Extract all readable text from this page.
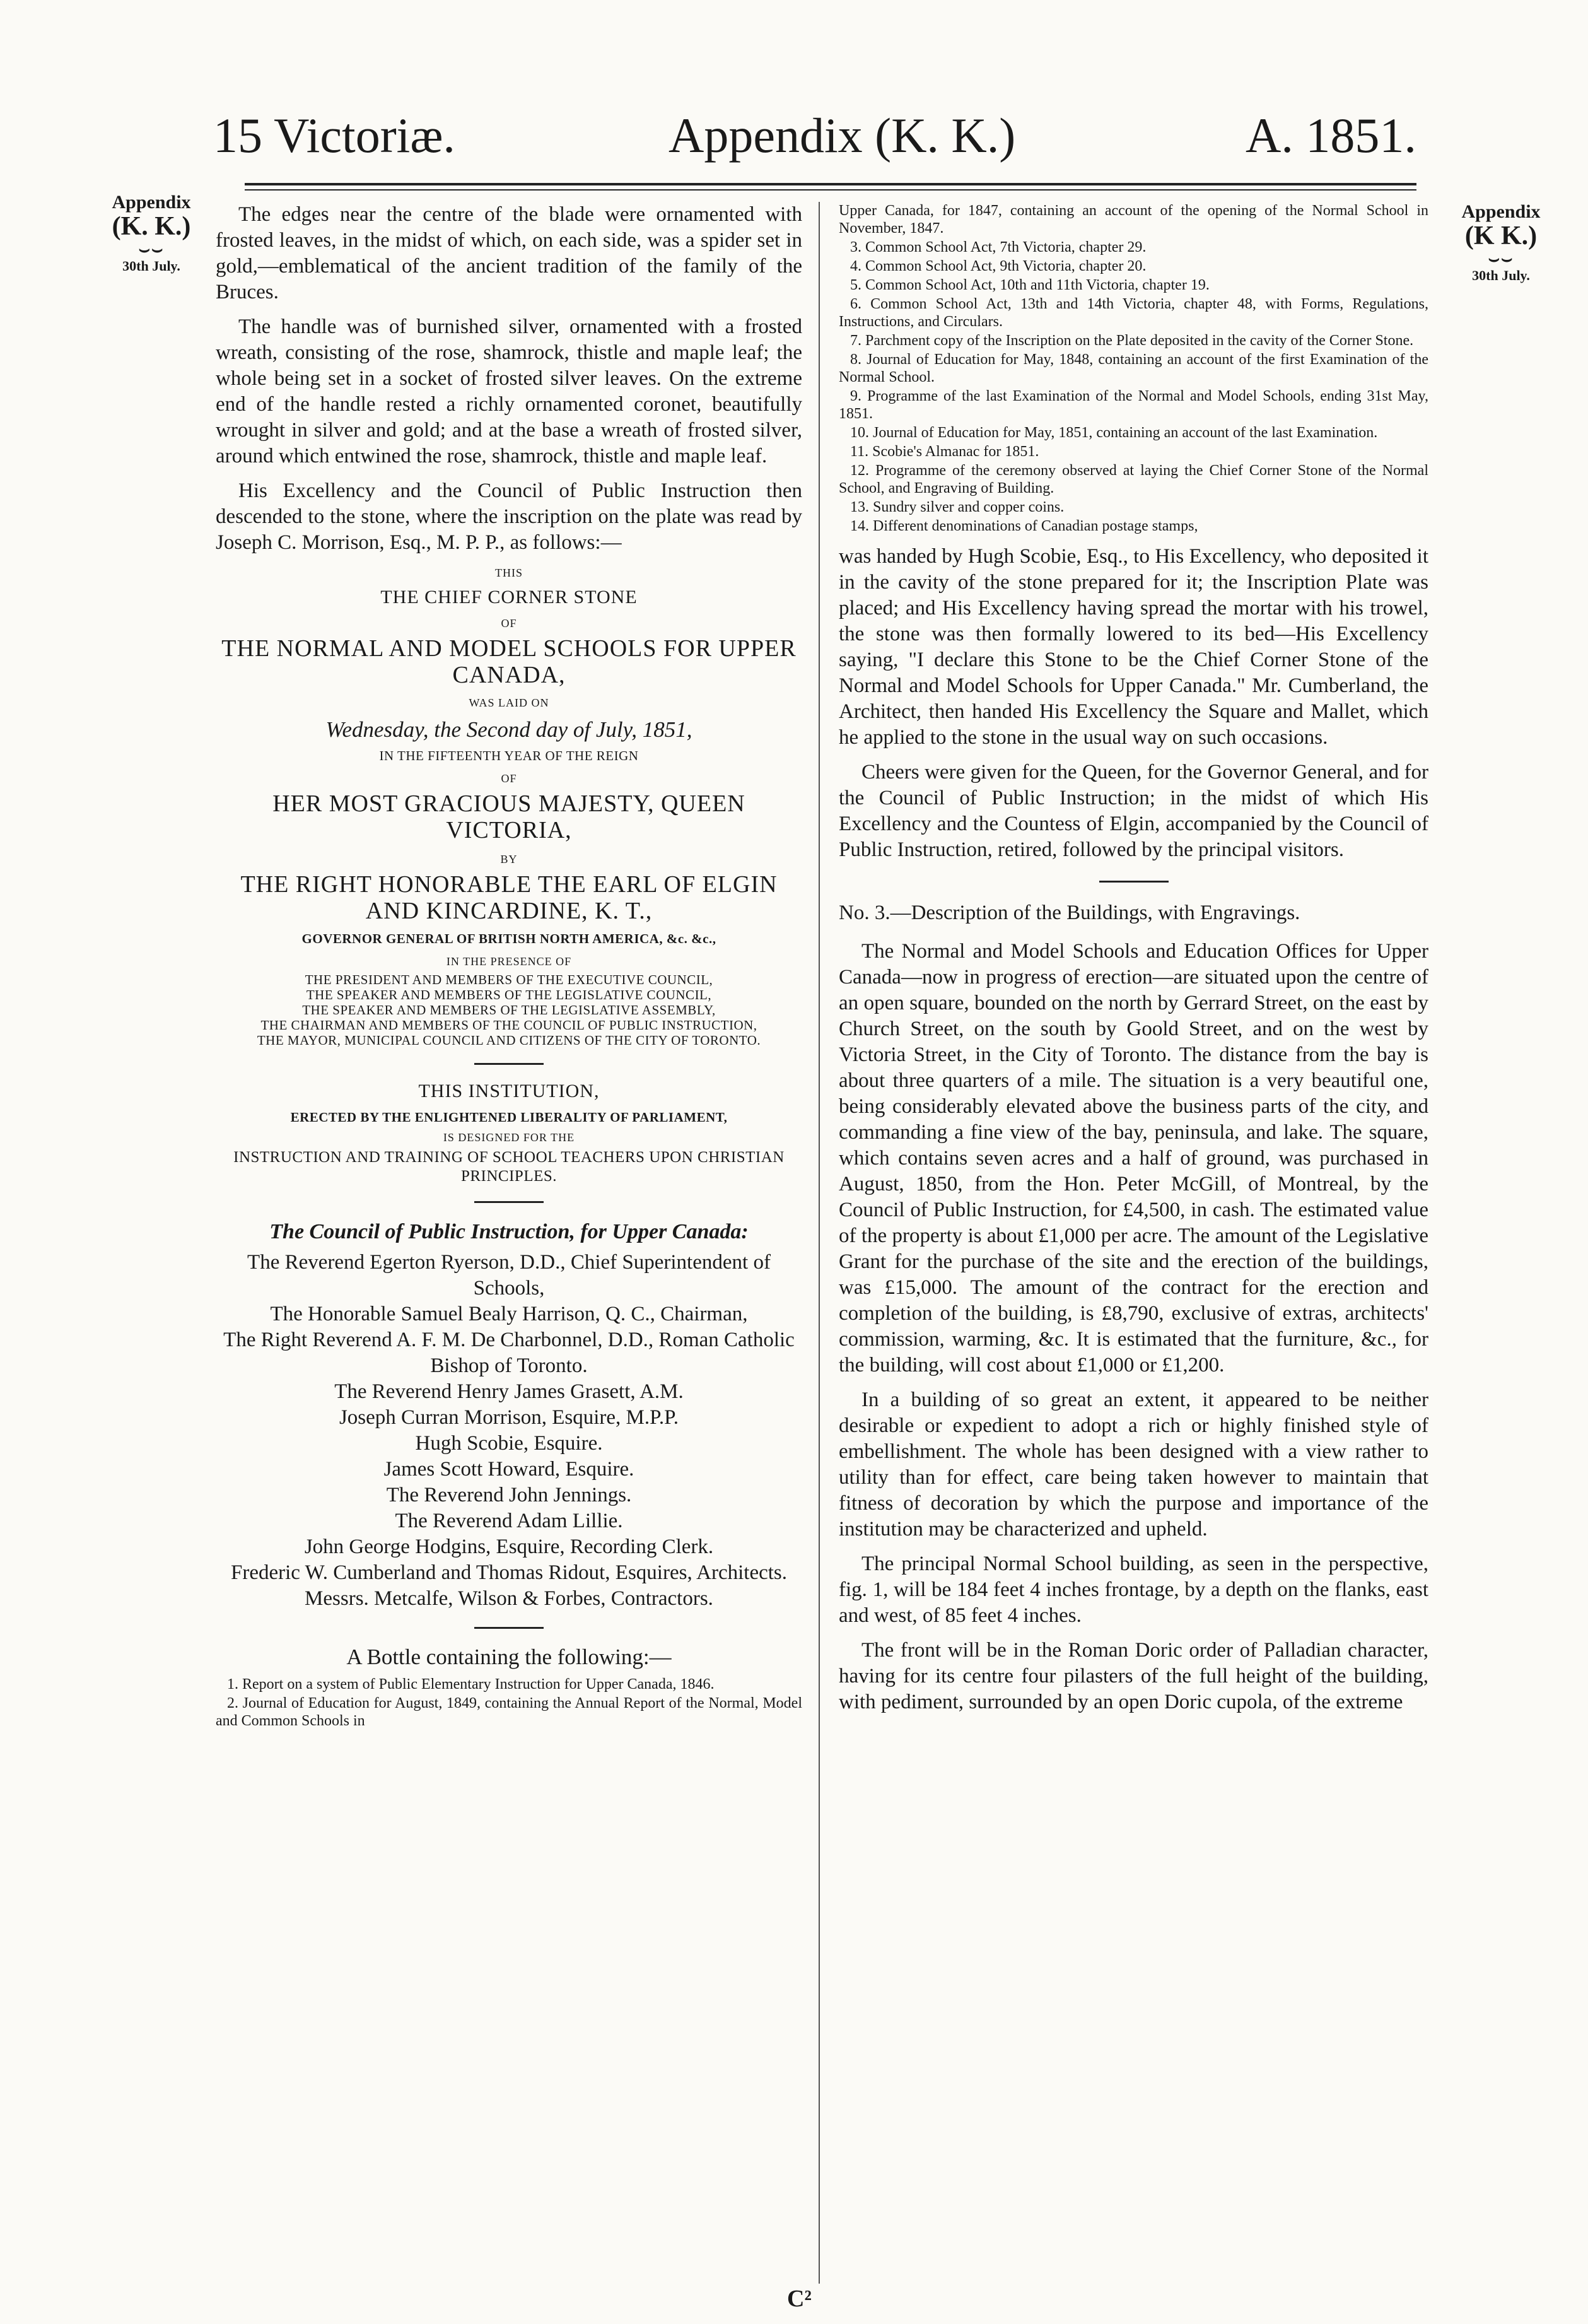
15 Victoriæ.	Appendix (K. K.)	A. 1851.
Appendix
(K. K.)
⌣⌣
30th July.
Appendix
(K K.)
⌣⌣
30th July.

The edges near the centre of the blade were ornamented with frosted leaves, in the midst of which, on each side, was a spider set in gold,—emblematical of the ancient tradition of the family of the Bruces.

The handle was of burnished silver, ornamented with a frosted wreath, consisting of the rose, shamrock, thistle and maple leaf; the whole being set in a socket of frosted silver leaves. On the extreme end of the handle rested a richly ornamented coronet, beautifully wrought in silver and gold; and at the base a wreath of frosted silver, around which entwined the rose, shamrock, thistle and maple leaf.

His Excellency and the Council of Public Instruction then descended to the stone, where the inscription on the plate was read by Joseph C. Morrison, Esq., M. P. P., as follows:—

THIS
THE CHIEF CORNER STONE
OF
THE NORMAL AND MODEL SCHOOLS FOR UPPER CANADA,
WAS LAID ON
Wednesday, the Second day of July, 1851,
IN THE FIFTEENTH YEAR OF THE REIGN
OF
HER MOST GRACIOUS MAJESTY, QUEEN VICTORIA,
BY
THE RIGHT HONORABLE THE EARL OF ELGIN AND KINCARDINE, K. T.,
GOVERNOR GENERAL OF BRITISH NORTH AMERICA, &c. &c.,
IN THE PRESENCE OF
THE PRESIDENT AND MEMBERS OF THE EXECUTIVE COUNCIL,
THE SPEAKER AND MEMBERS OF THE LEGISLATIVE COUNCIL,
THE SPEAKER AND MEMBERS OF THE LEGISLATIVE ASSEMBLY,
THE CHAIRMAN AND MEMBERS OF THE COUNCIL OF PUBLIC INSTRUCTION,
THE MAYOR, MUNICIPAL COUNCIL AND CITIZENS OF THE CITY OF TORONTO.
THIS INSTITUTION,
ERECTED BY THE ENLIGHTENED LIBERALITY OF PARLIAMENT,
IS DESIGNED FOR THE
INSTRUCTION AND TRAINING OF SCHOOL TEACHERS UPON CHRISTIAN PRINCIPLES.
The Council of Public Instruction, for Upper Canada:
The Reverend Egerton Ryerson, D.D., Chief Superintendent of Schools,
The Honorable Samuel Bealy Harrison, Q. C., Chairman,
The Right Reverend A. F. M. De Charbonnel, D.D., Roman Catholic Bishop of Toronto.
The Reverend Henry James Grasett, A.M.
Joseph Curran Morrison, Esquire, M.P.P.
Hugh Scobie, Esquire.
James Scott Howard, Esquire.
The Reverend John Jennings.
The Reverend Adam Lillie.
John George Hodgins, Esquire, Recording Clerk.
Frederic W. Cumberland and Thomas Ridout, Esquires, Architects.
Messrs. Metcalfe, Wilson & Forbes, Contractors.
A Bottle containing the following:—
1. Report on a system of Public Elementary Instruction for Upper Canada, 1846.
2. Journal of Education for August, 1849, containing the Annual Report of the Normal, Model and Common Schools in
Upper Canada, for 1847, containing an account of the opening of the Normal School in November, 1847.
3. Common School Act, 7th Victoria, chapter 29.
4. Common School Act, 9th Victoria, chapter 20.
5. Common School Act, 10th and 11th Victoria, chapter 19.
6. Common School Act, 13th and 14th Victoria, chapter 48, with Forms, Regulations, Instructions, and Circulars.
7. Parchment copy of the Inscription on the Plate deposited in the cavity of the Corner Stone.
8. Journal of Education for May, 1848, containing an account of the first Examination of the Normal School.
9. Programme of the last Examination of the Normal and Model Schools, ending 31st May, 1851.
10. Journal of Education for May, 1851, containing an account of the last Examination.
11. Scobie's Almanac for 1851.
12. Programme of the ceremony observed at laying the Chief Corner Stone of the Normal School, and Engraving of Building.
13. Sundry silver and copper coins.
14. Different denominations of Canadian postage stamps,

was handed by Hugh Scobie, Esq., to His Excellency, who deposited it in the cavity of the stone prepared for it; the Inscription Plate was placed; and His Excellency having spread the mortar with his trowel, the stone was then formally lowered to its bed—His Excellency saying, "I declare this Stone to be the Chief Corner Stone of the Normal and Model Schools for Upper Canada." Mr. Cumberland, the Architect, then handed His Excellency the Square and Mallet, which he applied to the stone in the usual way on such occasions.

Cheers were given for the Queen, for the Governor General, and for the Council of Public Instruction; in the midst of which His Excellency and the Countess of Elgin, accompanied by the Council of Public Instruction, retired, followed by the principal visitors.

No. 3.—Description of the Buildings, with Engravings.

The Normal and Model Schools and Education Offices for Upper Canada—now in progress of erection—are situated upon the centre of an open square, bounded on the north by Gerrard Street, on the east by Church Street, on the south by Goold Street, and on the west by Victoria Street, in the City of Toronto. The distance from the bay is about three quarters of a mile. The situation is a very beautiful one, being considerably elevated above the business parts of the city, and commanding a fine view of the bay, peninsula, and lake. The square, which contains seven acres and a half of ground, was purchased in August, 1850, from the Hon. Peter McGill, of Montreal, by the Council of Public Instruction, for £4,500, in cash. The estimated value of the property is about £1,000 per acre. The amount of the Legislative Grant for the purchase of the site and the erection of the buildings, was £15,000. The amount of the contract for the erection and completion of the building, is £8,790, exclusive of extras, architects' commission, warming, &c. It is estimated that the furniture, &c., for the building, will cost about £1,000 or £1,200.

In a building of so great an extent, it appeared to be neither desirable or expedient to adopt a rich or highly finished style of embellishment. The whole has been designed with a view rather to utility than for effect, care being taken however to maintain that fitness of decoration by which the purpose and importance of the institution may be characterized and upheld.

The principal Normal School building, as seen in the perspective, fig. 1, will be 184 feet 4 inches frontage, by a depth on the flanks, east and west, of 85 feet 4 inches.

The front will be in the Roman Doric order of Palladian character, having for its centre four pilasters of the full height of the building, with pediment, surrounded by an open Doric cupola, of the extreme

C²
